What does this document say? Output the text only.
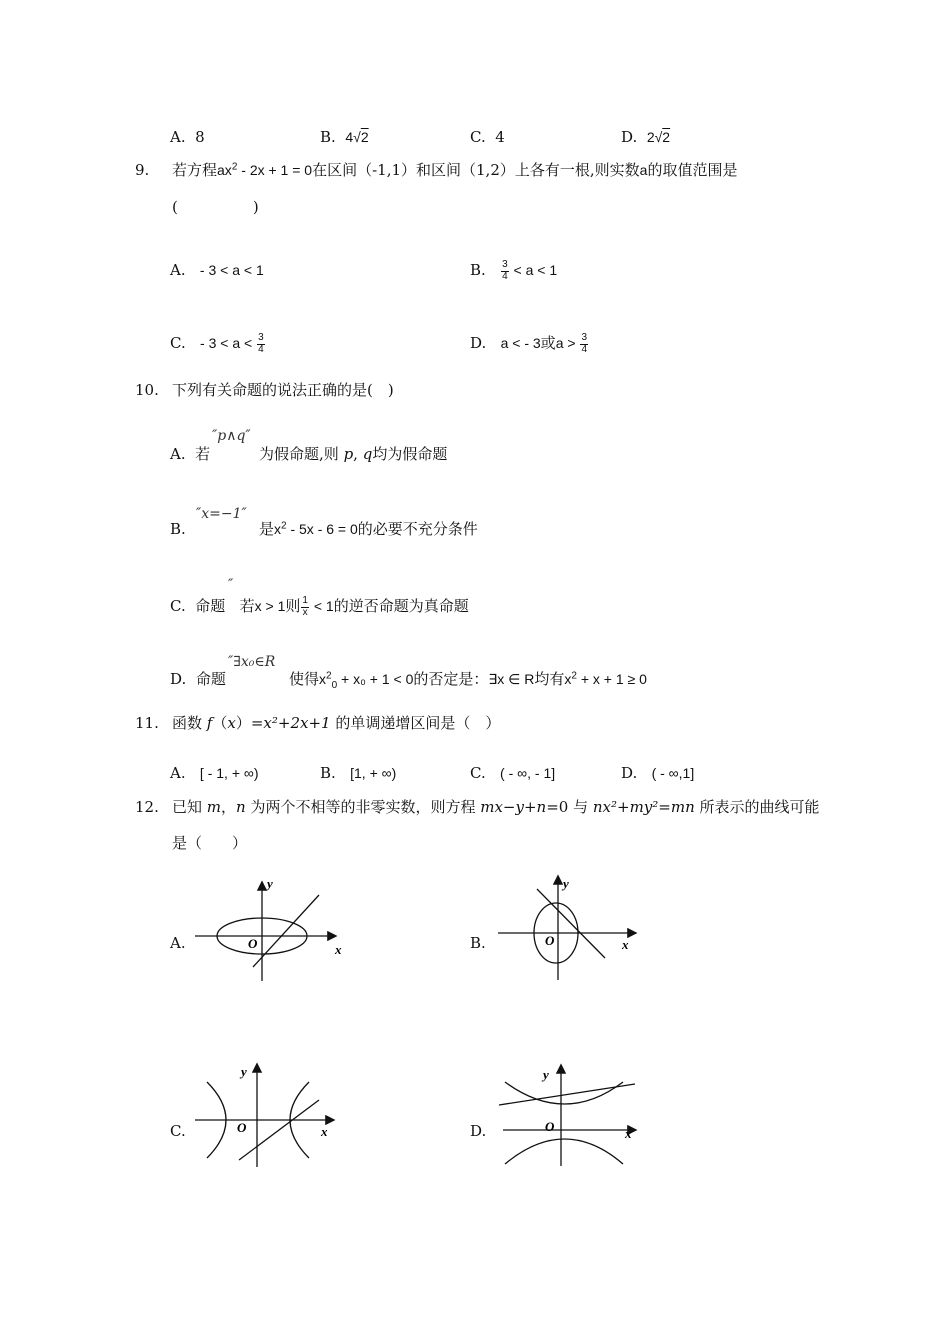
A. 8	B. 4√2	C. 4	D. 2√2
9. 若方程$ax^2 - 2x + 1 = 0$在区间（-1,1）和区间（1,2）上各有一根,则实数a的取值范围是
(　　　　　)
A. - 3 < a < 1	B. $\frac{3}{4} < a < 1$
C. - $3 < a < \frac{3}{4}$	D. a < - 3或$a > \frac{3}{4}$
10. 下列有关命题的说法正确的是(　)
″p∧q″
A. 若	为假命题,则 p, q均为假命题
″x=−1″
B.	是$x^2 - 5x - 6 = 0$的必要不充分条件
″
C. 命题 若x > 1则 $\frac{1}{x} < 1$的逆否命题为真命题
″∃x₀∈R
D. 命题	使得$x^2_0 + x_0 + 1 < 0$的否定是：∃x ∈ R均有$x^2 + x + 1 \ge 0$
11. 函数 f（x）=x²+2x+1 的单调递增区间是（　）
A. [ - 1, + ∞)	B. [1, + ∞)	C. ( - ∞, - 1]	D. ( - ∞,1]
12. 已知 m，n 为两个不相等的非零实数，则方程 mx−y+n=0 与 nx²+my²=mn 所表示的曲线可能
是（　　）
A.	B.
C.	D.
y
x
O
y
x
O
y
x
O
y
x
O
